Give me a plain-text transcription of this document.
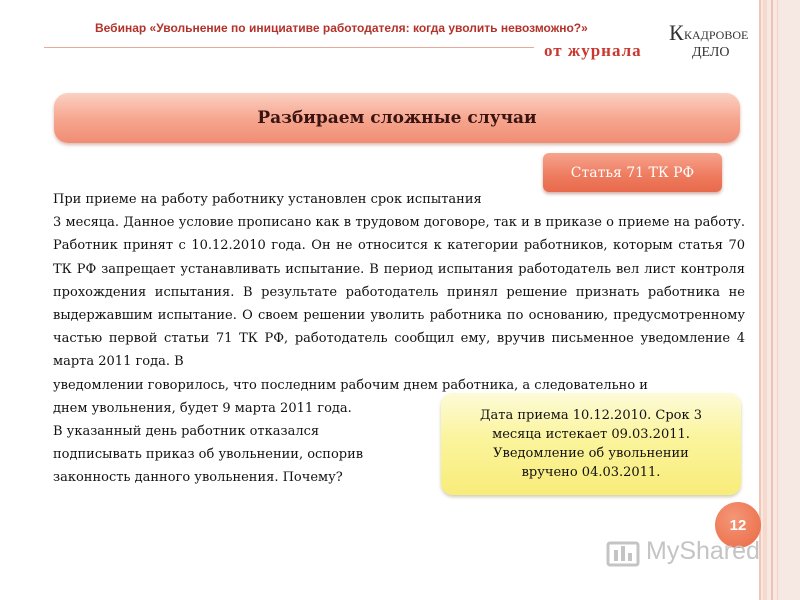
Вебинар «Увольнение по инициативе работодателя: когда уволить невозможно?»
от журнала
К КАДРОВОЕ
ДЕЛО
Разбираем сложные случаи
Статья 71 ТК РФ

При приеме на работу работнику установлен срок испытания

3 месяца. Данное условие прописано как в трудовом договоре, так и в приказе о приеме на работу. Работник принят с 10.12.2010 года. Он не относится к категории работников, которым статья 70 ТК РФ запрещает устанавливать испытание. В период испытания работодатель вел лист контроля прохождения испытания. В результате работодатель принял решение признать работника не выдержавшим испытание. О своем решении уволить работника по основанию, предусмотренному частью первой статьи 71 ТК РФ, работодатель сообщил ему, вручив письменное уведомление 4 марта 2011 года. В

уведомлении говорилось, что последним рабочим днем работника, а следовательно и

днем увольнения, будет 9 марта 2011 года.

В указанный день работник отказался

подписывать приказ об увольнении, оспорив

законность данного увольнения. Почему?

Дата приема 10.12.2010. Срок 3 месяца истекает 09.03.2011. Уведомление об увольнении вручено 04.03.2011.
12
MyShared
